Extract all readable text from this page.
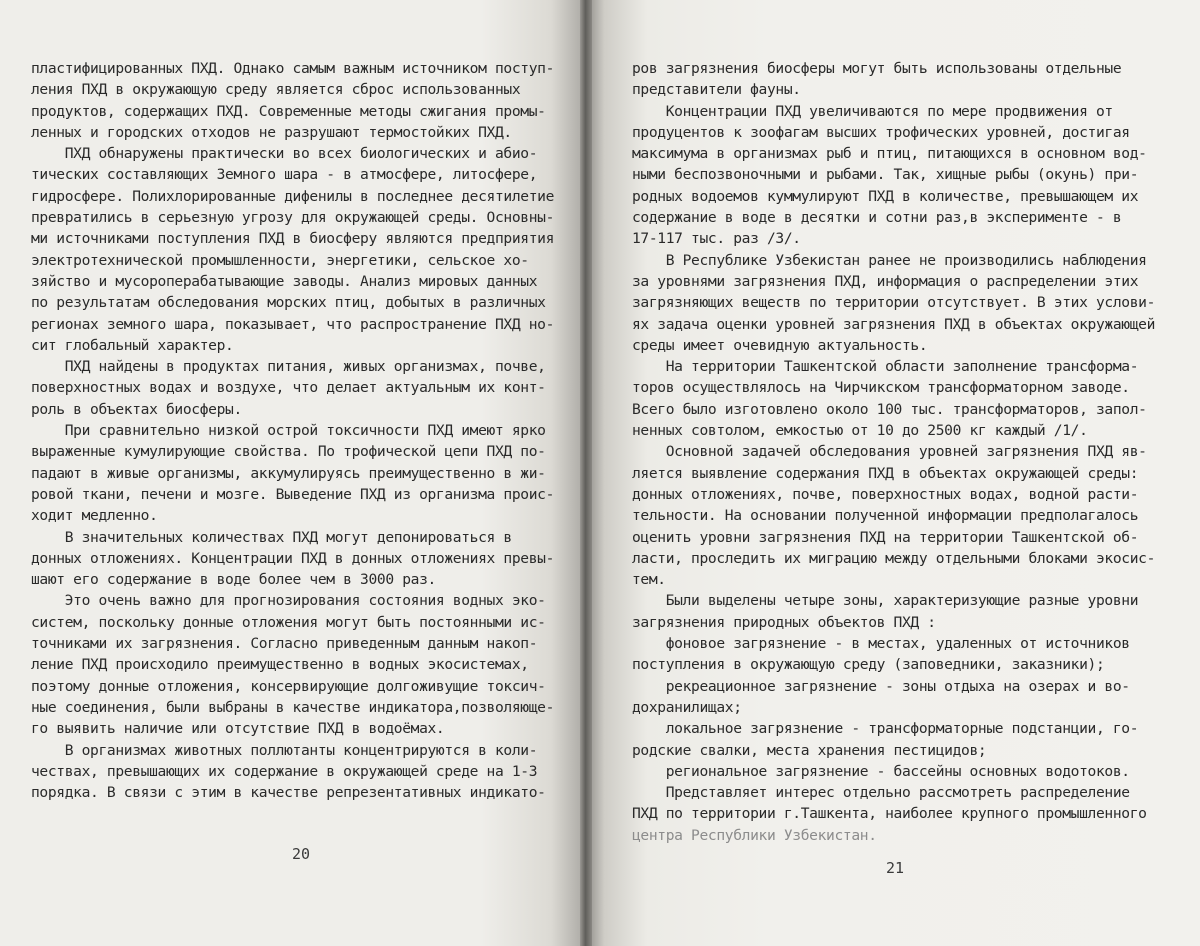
пластифицированных ПХД. Однако самым важным источником поступ-
ления ПХД в окружающую среду является сброс использованных
продуктов, содержащих ПХД. Современные методы сжигания промы-
ленных и городских отходов не разрушают термостойких ПХД.
ПХД обнаружены практически во всех биологических и абио-
тических составляющих Земного шара - в атмосфере, литосфере,
гидросфере. Полихлорированные дифенилы в последнее десятилетие
превратились в серьезную угрозу для окружающей среды. Основны-
ми источниками поступления ПХД в биосферу являются предприятия
электротехнической промышленности, энергетики, сельское хо-
зяйство и мусороперабатывающие заводы. Анализ мировых данных
по результатам обследования морских птиц, добытых в различных
регионах земного шара, показывает, что распространение ПХД но-
сит глобальный характер.
ПХД найдены в продуктах питания, живых организмах, почве,
поверхностных водах и воздухе, что делает актуальным их конт-
роль в объектах биосферы.
При сравнительно низкой острой токсичности ПХД имеют ярко
выраженные кумулирующие свойства. По трофической цепи ПХД по-
падают в живые организмы, аккумулируясь преимущественно в жи-
ровой ткани, печени и мозге. Выведение ПХД из организма проис-
ходит медленно.
В значительных количествах ПХД могут депонироваться в
донных отложениях. Концентрации ПХД в донных отложениях превы-
шают его содержание в воде более чем в 3000 раз.
Это очень важно для прогнозирования состояния водных эко-
систем, поскольку донные отложения могут быть постоянными ис-
точниками их загрязнения. Согласно приведенным данным накоп-
ление ПХД происходило преимущественно в водных экосистемах,
поэтому донные отложения, консервирующие долгоживущие токсич-
ные соединения, были выбраны в качестве индикатора,позволяюще-
го выявить наличие или отсутствие ПХД в водоёмах.
В организмах животных поллютанты концентрируются в коли-
чествах, превышающих их содержание в окружающей среде на 1-3
порядка. В связи с этим в качестве репрезентативных индикато-
20
ров загрязнения биосферы могут быть использованы отдельные
представители фауны.
Концентрации ПХД увеличиваются по мере продвижения от
продуцентов к зоофагам высших трофических уровней, достигая
максимума в организмах рыб и птиц, питающихся в основном вод-
ными беспозвоночными и рыбами. Так, хищные рыбы (окунь) при-
родных водоемов куммулируют ПХД в количестве, превышающем их
содержание в воде в десятки и сотни раз,в эксперименте - в
17-117 тыс. раз /3/.
В Республике Узбекистан ранее не производились наблюдения
за уровнями загрязнения ПХД, информация о распределении этих
загрязняющих веществ по территории отсутствует. В этих услови-
ях задача оценки уровней загрязнения ПХД в объектах окружающей
среды имеет очевидную актуальность.
На территории Ташкентской области заполнение трансформа-
торов осуществлялось на Чирчикском трансформаторном заводе.
Всего было изготовлено около 100 тыс. трансформаторов, запол-
ненных совтолом, емкостью от 10 до 2500 кг каждый /1/.
Основной задачей обследования уровней загрязнения ПХД яв-
ляется выявление содержания ПХД в объектах окружающей среды:
донных отложениях, почве, поверхностных водах, водной расти-
тельности. На основании полученной информации предполагалось
оценить уровни загрязнения ПХД на территории Ташкентской об-
ласти, проследить их миграцию между отдельными блоками экосис-
тем.
Были выделены четыре зоны, характеризующие разные уровни
загрязнения природных объектов ПХД :
фоновое загрязнение - в местах, удаленных от источников
поступления в окружающую среду (заповедники, заказники);
рекреационное загрязнение - зоны отдыха на озерах и во-
дохранилищах;
локальное загрязнение - трансформаторные подстанции, го-
родские свалки, места хранения пестицидов;
региональное загрязнение - бассейны основных водотоков.
Представляет интерес отдельно рассмотреть распределение
ПХД по территории г.Ташкента, наиболее крупного промышленного
центра Республики Узбекистан.
21
